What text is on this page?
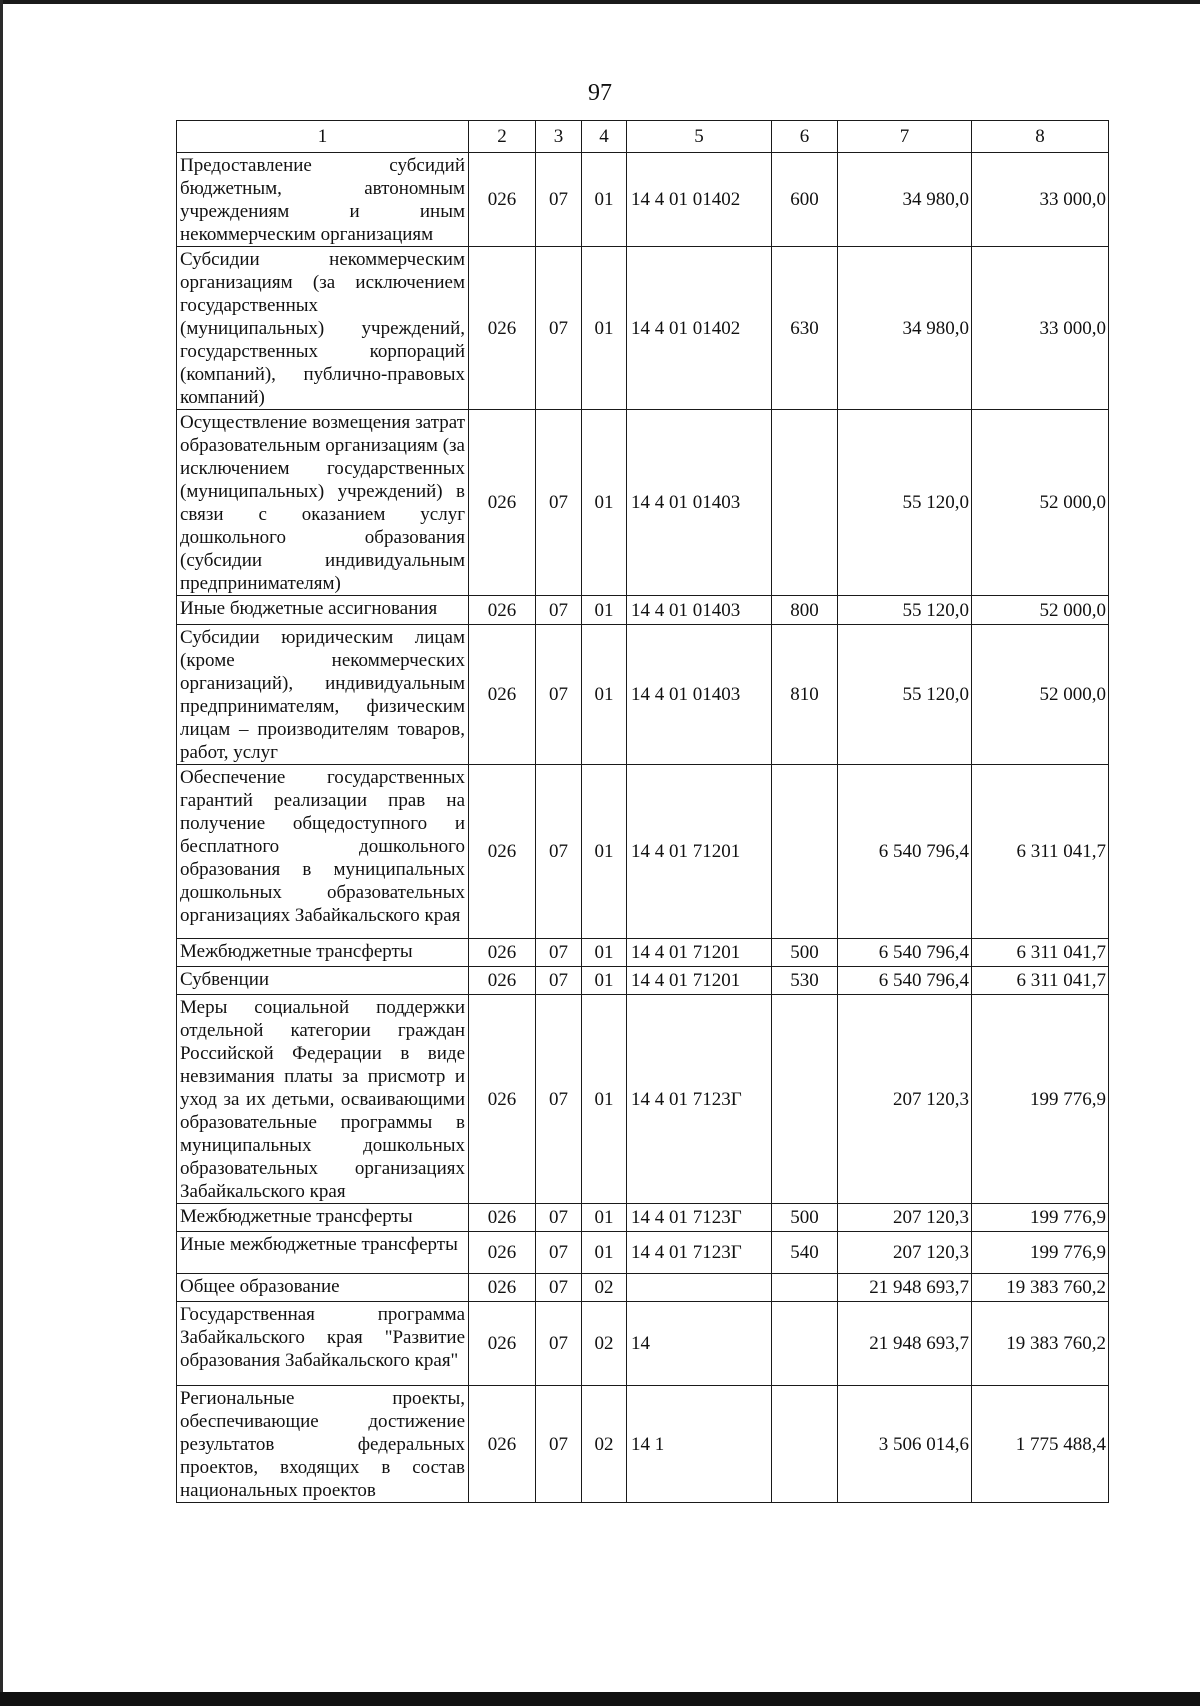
97
1	2	3	4	5	6	7	8
Предоставление субсидий бюджетным, автономным учреждениям и иным некоммерческим организациям	026	07	01	14 4 01 01402	600	34 980,0	33 000,0
Субсидии некоммерческим организациям (за исключением государственных (муниципальных) учреждений, государственных корпораций (компаний), публично-правовых компаний)	026	07	01	14 4 01 01402	630	34 980,0	33 000,0
Осуществление возмещения затрат образовательным организациям (за исключением государственных (муниципальных) учреждений) в связи с оказанием услуг дошкольного образования (субсидии индивидуальным предпринимателям)	026	07	01	14 4 01 01403		55 120,0	52 000,0
Иные бюджетные ассигнования	026	07	01	14 4 01 01403	800	55 120,0	52 000,0
Субсидии юридическим лицам (кроме некоммерческих организаций), индивидуальным предпринимателям, физическим лицам – производителям товаров, работ, услуг	026	07	01	14 4 01 01403	810	55 120,0	52 000,0
Обеспечение государственных гарантий реализации прав на получение общедоступного и бесплатного дошкольного образования в муниципальных дошкольных образовательных организациях Забайкальского края	026	07	01	14 4 01 71201		6 540 796,4	6 311 041,7
Межбюджетные трансферты	026	07	01	14 4 01 71201	500	6 540 796,4	6 311 041,7
Субвенции	026	07	01	14 4 01 71201	530	6 540 796,4	6 311 041,7
Меры социальной поддержки отдельной категории граждан Российской Федерации в виде невзимания платы за присмотр и уход за их детьми, осваивающими образовательные программы в муниципальных дошкольных образовательных организациях Забайкальского края	026	07	01	14 4 01 7123Г		207 120,3	199 776,9
Межбюджетные трансферты	026	07	01	14 4 01 7123Г	500	207 120,3	199 776,9
Иные межбюджетные трансферты	026	07	01	14 4 01 7123Г	540	207 120,3	199 776,9
Общее образование	026	07	02			21 948 693,7	19 383 760,2
Государственная программа Забайкальского края "Развитие образования Забайкальского края"	026	07	02	14		21 948 693,7	19 383 760,2
Региональные проекты, обеспечивающие достижение результатов федеральных проектов, входящих в состав национальных проектов	026	07	02	14 1		3 506 014,6	1 775 488,4
